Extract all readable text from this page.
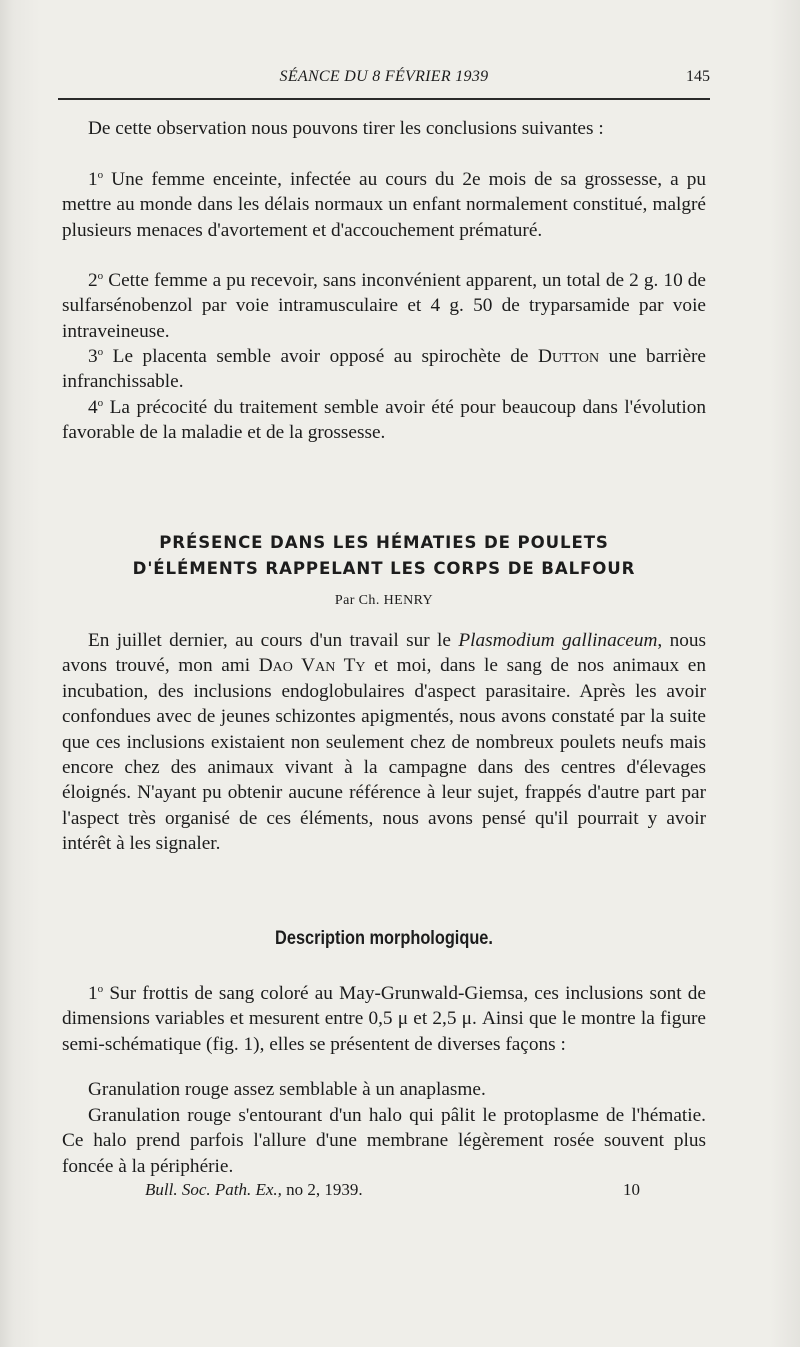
SÉANCE DU 8 FÉVRIER 1939	145

De cette observation nous pouvons tirer les conclusions suivantes :

1$^o$ Une femme enceinte, infectée au cours du 2e mois de sa grossesse, a pu mettre au monde dans les délais normaux un enfant normalement constitué, malgré plusieurs menaces d'avortement et d'accouchement prématuré.

2$^o$ Cette femme a pu recevoir, sans inconvénient apparent, un total de 2 g. 10 de sulfarsénobenzol par voie intramusculaire et 4 g. 50 de tryparsamide par voie intraveineuse.

3$^o$ Le placenta semble avoir opposé au spirochète de Dutton une barrière infranchissable.

4$^o$ La précocité du traitement semble avoir été pour beaucoup dans l'évolution favorable de la maladie et de la grossesse.

PRÉSENCE DANS LES HÉMATIES DE POULETS
D'ÉLÉMENTS RAPPELANT LES CORPS DE BALFOUR

Par Ch. HENRY

En juillet dernier, au cours d'un travail sur le Plasmodium gallinaceum, nous avons trouvé, mon ami Dao Van Ty et moi, dans le sang de nos animaux en incubation, des inclusions endoglobulaires d'aspect parasitaire. Après les avoir confondues avec de jeunes schizontes apigmentés, nous avons constaté par la suite que ces inclusions existaient non seulement chez de nombreux poulets neufs mais encore chez des animaux vivant à la campagne dans des centres d'élevages éloignés. N'ayant pu obtenir aucune référence à leur sujet, frappés d'autre part par l'aspect très organisé de ces éléments, nous avons pensé qu'il pourrait y avoir intérêt à les signaler.

Description morphologique.

1$^o$ Sur frottis de sang coloré au May-Grunwald-Giemsa, ces inclusions sont de dimensions variables et mesurent entre 0,5 μ et 2,5 μ. Ainsi que le montre la figure semi-schématique (fig. 1), elles se présentent de diverses façons :

Granulation rouge assez semblable à un anaplasme.

Granulation rouge s'entourant d'un halo qui pâlit le protoplasme de l'hématie. Ce halo prend parfois l'allure d'une membrane légèrement rosée souvent plus foncée à la périphérie.

Bull. Soc. Path. Ex., no 2, 1939.	10
